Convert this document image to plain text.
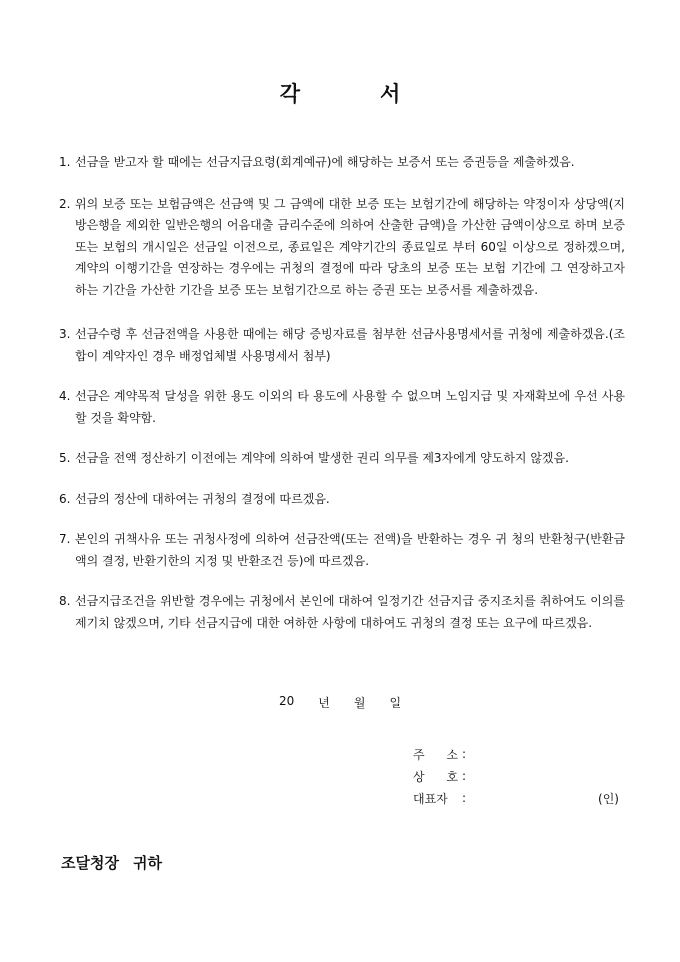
각	서
1. 선금을 받고자 할 때에는 선금지급요령(회계예규)에 해당하는 보증서 또는 증권등을 제출하겠음.
2. 위의 보증 또는 보험금액은 선금액 및 그 금액에 대한 보증 또는 보험기간에 해당하는 약정이자 상당액(지방은행을 제외한 일반은행의 어음대출 금리수준에 의하여 산출한 금액)을 가산한 금액이상으로 하며 보증 또는 보험의 개시일은 선금일 이전으로, 종료일은 계약기간의 종료일로 부터 60일 이상으로 정하겠으며, 계약의 이행기간을 연장하는 경우에는 귀청의 결정에 따라 당초의 보증 또는 보험 기간에 그 연장하고자 하는 기간을 가산한 기간을 보증 또는 보험기간으로 하는 증권 또는 보증서를 제출하겠음.
3. 선금수령 후 선금전액을 사용한 때에는 해당 증빙자료를 첨부한 선금사용명세서를 귀청에 제출하겠음.(조합이 계약자인 경우 배정업체별 사용명세서 첨부)
4. 선금은 계약목적 달성을 위한 용도 이외의 타 용도에 사용할 수 없으며 노임지급 및 자재확보에 우선 사용할 것을 확약함.
5. 선금을 전액 정산하기 이전에는 계약에 의하여 발생한 권리 의무를 제3자에게 양도하지 않겠음.
6. 선금의 정산에 대하여는 귀청의 결정에 따르겠음.
7. 본인의 귀책사유 또는 귀청사정에 의하여 선금잔액(또는 전액)을 반환하는 경우 귀 청의 반환청구(반환금액의 결정, 반환기한의 지정 및 반환조건 등)에 따르겠음.
8. 선금지급조건을 위반할 경우에는 귀청에서 본인에 대하여 일정기간 선금지급 중지조치를 취하여도 이의를 제기치 않겠으며, 기타 선금지급에 대한 여하한 사항에 대하여도 귀청의 결정 또는 요구에 따르겠음.
20 년 월 일
주 소 :
상 호 :
대표자	:	(인)
조달청장 귀하
